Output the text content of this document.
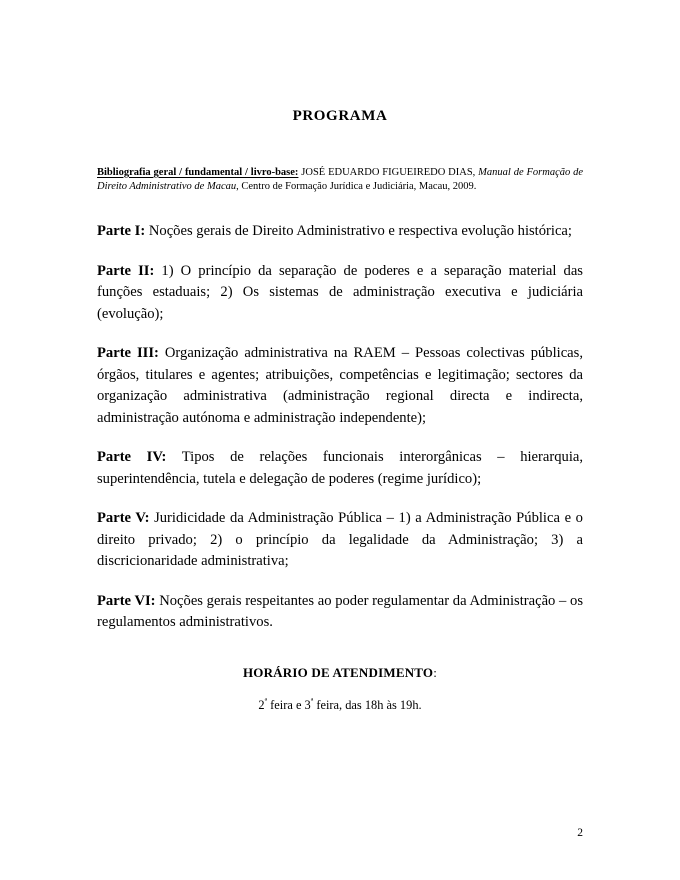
PROGRAMA

Bibliografia geral / fundamental / livro-base: JOSÉ EDUARDO FIGUEIREDO DIAS, Manual de Formação de Direito Administrativo de Macau, Centro de Formação Jurídica e Judiciária, Macau, 2009.

Parte I: Noções gerais de Direito Administrativo e respectiva evolução histórica;

Parte II: 1) O princípio da separação de poderes e a separação material das funções estaduais; 2) Os sistemas de administração executiva e judiciária (evolução);

Parte III: Organização administrativa na RAEM – Pessoas colectivas públicas, órgãos, titulares e agentes; atribuições, competências e legitimação; sectores da organização administrativa (administração regional directa e indirecta, administração autónoma e administração independente);

Parte IV: Tipos de relações funcionais interorgânicas – hierarquia, superintendência, tutela e delegação de poderes (regime jurídico);

Parte V: Juridicidade da Administração Pública – 1) a Administração Pública e o direito privado; 2) o princípio da legalidade da Administração; 3) a discricionaridade administrativa;

Parte VI: Noções gerais respeitantes ao poder regulamentar da Administração – os regulamentos administrativos.

HORÁRIO DE ATENDIMENTO:
$2^ª$ feira e $3^ª$ feira, das 18h às 19h.
2
